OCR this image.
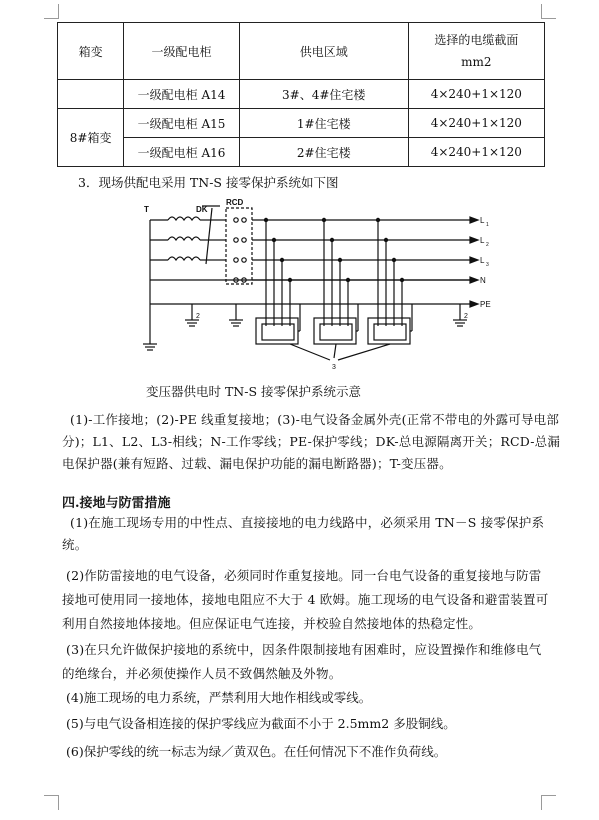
箱变	一级配电柜	供电区域	选择的电缆截面
mm2

	一级配电柜 A14	3#、4#住宅楼	4×240+1×120
8#箱变	一级配电柜 A15	1#住宅楼	4×240+1×120
	一级配电柜 A16	2#住宅楼	4×240+1×120
3．现场供配电采用 TN-S 接零保护系统如下图
T	DK
RCD
L 1
L 2
L 3
N
PE
2	2
3
变压器供电时 TN-S 接零保护系统示意
(1)-工作接地；(2)-PE 线重复接地；(3)-电气设备金属外壳(正常不带电的外露可导电部
分)；L1、L2、L3-相线；N-工作零线；PE-保护零线；DK-总电源隔离开关；RCD-总漏
电保护器(兼有短路、过载、漏电保护功能的漏电断路器)；T-变压器。
四.接地与防雷措施
(1)在施工现场专用的中性点、直接接地的电力线路中，必须采用 TN－S 接零保护系
统。
(2)作防雷接地的电气设备，必须同时作重复接地。同一台电气设备的重复接地与防雷
接地可使用同一接地体，接地电阻应不大于 4 欧姆。施工现场的电气设备和避雷装置可
利用自然接地体接地。但应保证电气连接，并校验自然接地体的热稳定性。
(3)在只允许做保护接地的系统中，因条件限制接地有困难时，应设置操作和维修电气
的绝缘台，并必须使操作人员不致偶然触及外物。
(4)施工现场的电力系统，严禁利用大地作相线或零线。
(5)与电气设备相连接的保护零线应为截面不小于 2.5mm2 多股铜线。
(6)保护零线的统一标志为绿／黄双色。在任何情况下不准作负荷线。
